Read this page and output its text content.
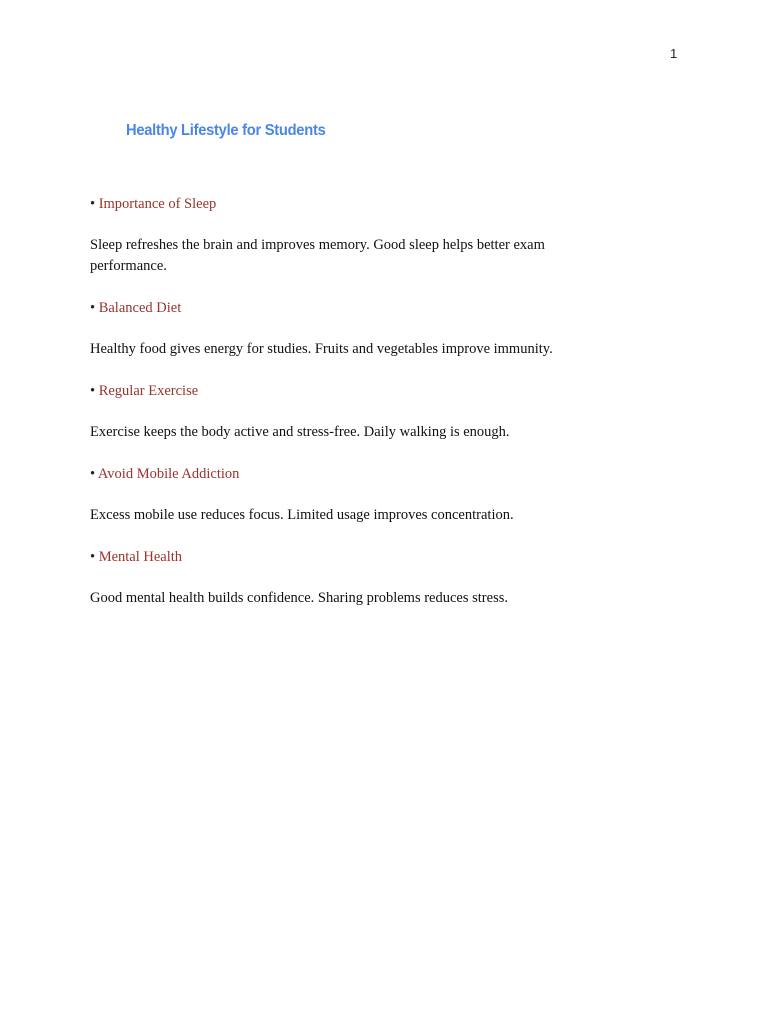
1
Healthy Lifestyle for Students

• Importance of Sleep

Sleep refreshes the brain and improves memory. Good sleep helps better exam performance.

• Balanced Diet

Healthy food gives energy for studies. Fruits and vegetables improve immunity.

• Regular Exercise

Exercise keeps the body active and stress-free. Daily walking is enough.

• Avoid Mobile Addiction

Excess mobile use reduces focus. Limited usage improves concentration.

• Mental Health

Good mental health builds confidence. Sharing problems reduces stress.
